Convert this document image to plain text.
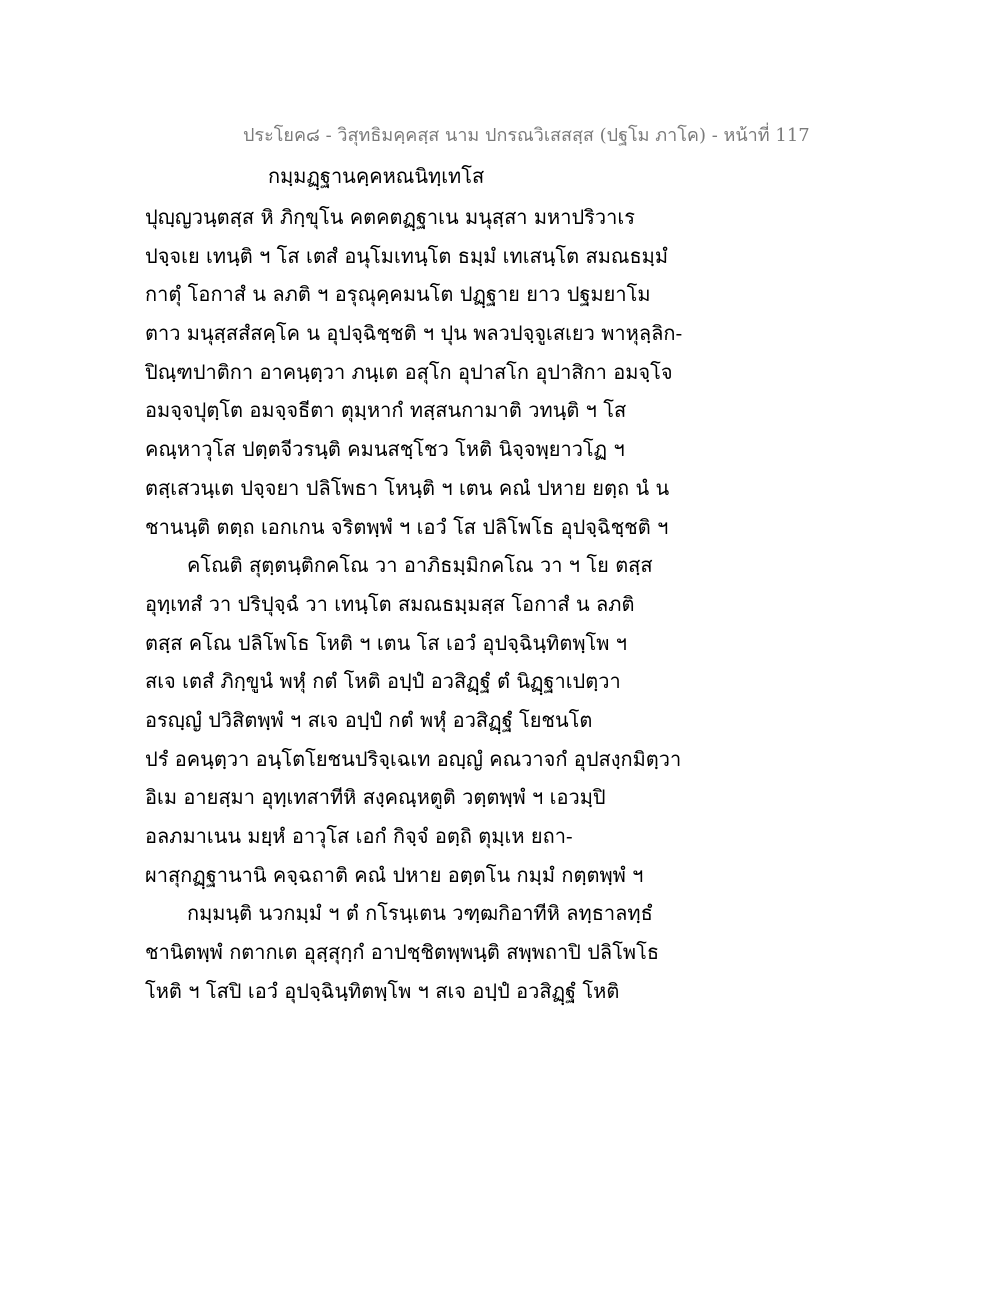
ประโยค๘ - วิสุทธิมคฺคสฺส นาม ปกรณวิเสสสฺส (ปฐโม ภาโค) - หน้าที่ 117
กมฺมฏฺฐานคฺคหณนิทฺเทโส
ปุญฺญวนฺตสฺส หิ ภิกฺขุโน คตคตฏฺฐาเน มนุสฺสา มหาปริวาเร
ปจฺจเย เทนฺติ ฯ โส เตสํ อนุโมเทนฺโต ธมฺมํ เทเสนฺโต สมณธมฺมํ
กาตุํ โอกาสํ น ลภติ ฯ อรุณุคฺคมนโต ปฏฺฐาย ยาว ปฐมยาโม
ตาว มนุสฺสสํสคฺโค น อุปจฺฉิชฺชติ ฯ ปุน พลวปจฺจูเสเยว พาหุลฺลิก-
ปิณฺฑปาติกา อาคนฺตฺวา ภนฺเต อสุโก อุปาสโก อุปาสิกา อมจฺโจ
อมจฺจปุตฺโต อมจฺจธีตา ตุมฺหากํ ทสฺสนกามาติ วทนฺติ ฯ โส
คณฺหาวุโส ปตฺตจีวรนฺติ คมนสชฺโชว โหติ นิจฺจพฺยาวโฏ ฯ
ตสฺเสวนฺเต ปจฺจยา ปลิโพธา โหนฺติ ฯ เตน คณํ ปหาย ยตฺถ นํ น
ชานนฺติ ตตฺถ เอกเกน จริตพฺพํ ฯ เอวํ โส ปลิโพโธ อุปจฺฉิชฺชติ ฯ
คโณติ สุตฺตนฺติกคโณ วา อาภิธมฺมิกคโณ วา ฯ โย ตสฺส
อุทฺเทสํ วา ปริปุจฺฉํ วา เทนฺโต สมณธมฺมสฺส โอกาสํ น ลภติ
ตสฺส คโณ ปลิโพโธ โหติ ฯ เตน โส เอวํ อุปจฺฉินฺทิตพฺโพ ฯ
สเจ เตสํ ภิกฺขูนํ พหุํ กตํ โหติ อปฺปํ อวสิฏฺฐํ ตํ นิฏฺฐาเปตฺวา
อรญฺญํ ปวิสิตพฺพํ ฯ สเจ อปฺปํ กตํ พหุํ อวสิฏฺฐํ โยชนโต
ปรํ อคนฺตฺวา อนฺโตโยชนปริจฺเฉเท อญฺญํ คณวาจกํ อุปสงฺกมิตฺวา
อิเม อายสฺมา อุทฺเทสาทีหิ สงฺคณฺหตูติ วตฺตพฺพํ ฯ เอวมฺปิ
อลภมาเนน มยฺหํ อาวุโส เอกํ กิจฺจํ อตฺถิ ตุมฺเห ยถา-
ผาสุกฏฺฐานานิ คจฺฉถาติ คณํ ปหาย อตฺตโน กมฺมํ กตฺตพฺพํ ฯ
กมฺมนฺติ นวกมฺมํ ฯ ตํ กโรนฺเตน วฑฺฒกิอาทีหิ ลทฺธาลทฺธํ
ชานิตพฺพํ กตากเต อุสฺสุกฺกํ อาปชฺชิตพฺพนฺติ สพฺพถาปิ ปลิโพโธ
โหติ ฯ โสปิ เอวํ อุปจฺฉินฺทิตพฺโพ ฯ สเจ อปฺปํ อวสิฏฺฐํ โหติ
